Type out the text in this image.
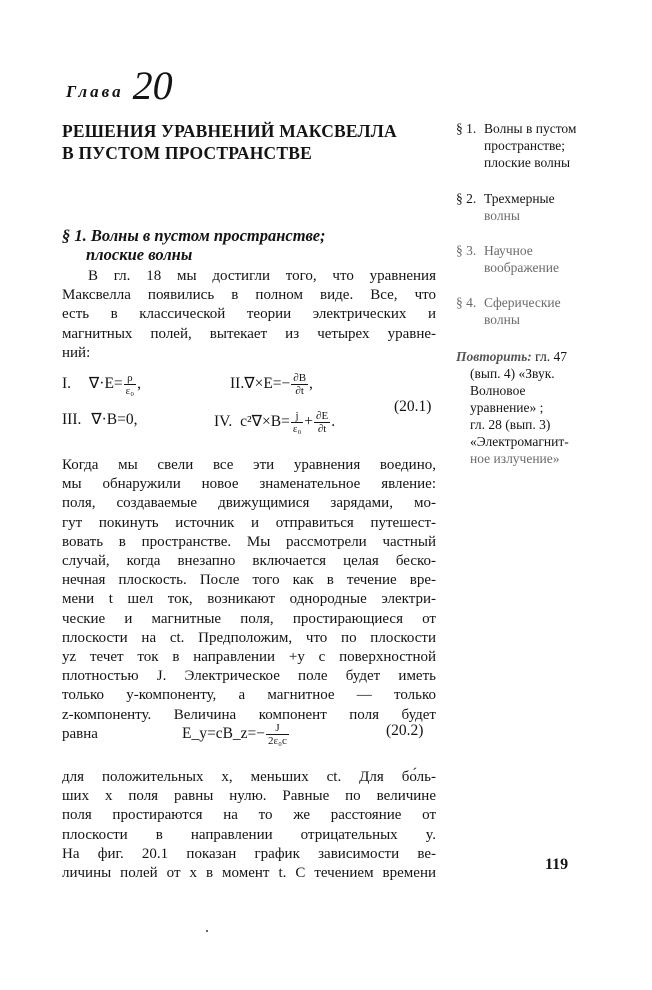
Глава 20
РЕШЕНИЯ УРАВНЕНИЙ МАКСВЕЛЛА
В ПУСТОМ ПРОСТРАНСТВЕ
§ 1. Волны в пустом пространстве;
плоские волны
В гл. 18 мы достигли того, что уравнения
Максвелла появились в полном виде. Все, что
есть в классической теории электрических и
магнитных полей, вытекает из четырех уравне-
ний:
I. $\nabla\cdot E= \frac{\rho}{\text{ε₀}}$ ,	$II.\nabla\times E=- \frac{\partial B}{\partial t}$ ,
III. ∇·B=0,	IV. $c^2\nabla\times B= \frac{j}{\text{ε₀}} + \frac{\partial E}{\partial t}$ .
(20.1)
Когда мы свели все эти уравнения воедино,
мы обнаружили новое знаменательное явление:
поля, создаваемые движущимися зарядами, мо-
гут покинуть источник и отправиться путешест-
вовать в пространстве. Мы рассмотрели частный
случай, когда внезапно включается целая беско-
нечная плоскость. После того как в течение вре-
мени t шел ток, возникают однородные электри-
ческие и магнитные поля, простирающиеся от
плоскости на ct. Предположим, что по плоскости
yz течет ток в направлении +y с поверхностной
плотностью J. Электрическое поле будет иметь
только y-компоненту, а магнитное — только
z-компоненту. Величина компонент поля будет
равна	E_y=cB_z=− $\frac{J}{\text{2ε₀c}}$	(20.2)
для положительных x, меньших ct. Для бо́ль-
ших x поля равны нулю. Равные по величине
поля простираются на то же расстояние от
плоскости в направлении отрицательных y.
На фиг. 20.1 показан график зависимости ве-
личины полей от x в момент t. С течением времени
§ 1. Волны в пустом
пространстве;
плоские волны
§ 2. Трехмерные
волны
§ 3. Научное
воображение
§ 4. Сферические
волны
Повторить: гл. 47
(вып. 4) «Звук.
Волновое
уравнение» ;
гл. 28 (вып. 3)
«Электромагнит-
ное излучение»
119
